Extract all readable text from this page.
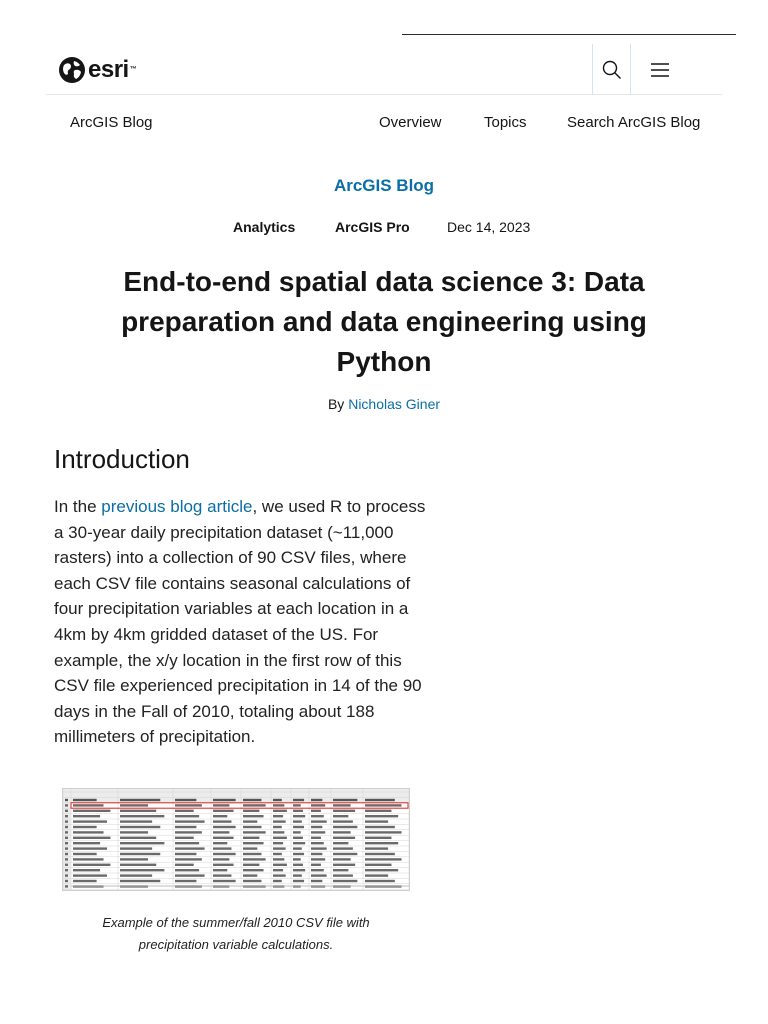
esri™
ArcGIS Blog	Overview	Topics	Search ArcGIS Blog
ArcGIS Blog
Analytics	ArcGIS Pro	Dec 14, 2023
End-to-end spatial data science 3: Data preparation and data engineering using Python
By Nicholas Giner
Introduction

In the previous blog article, we used R to process a 30-year daily precipitation dataset (~11,000 rasters) into a collection of 90 CSV files, where each CSV file contains seasonal calculations of four precipitation variables at each location in a 4km by 4km gridded dataset of the US. For example, the x/y location in the first row of this CSV file experienced precipitation in 14 of the 90 days in the Fall of 2010, totaling about 188 millimeters of precipitation.

Example of the summer/fall 2010 CSV file with precipitation variable calculations.
